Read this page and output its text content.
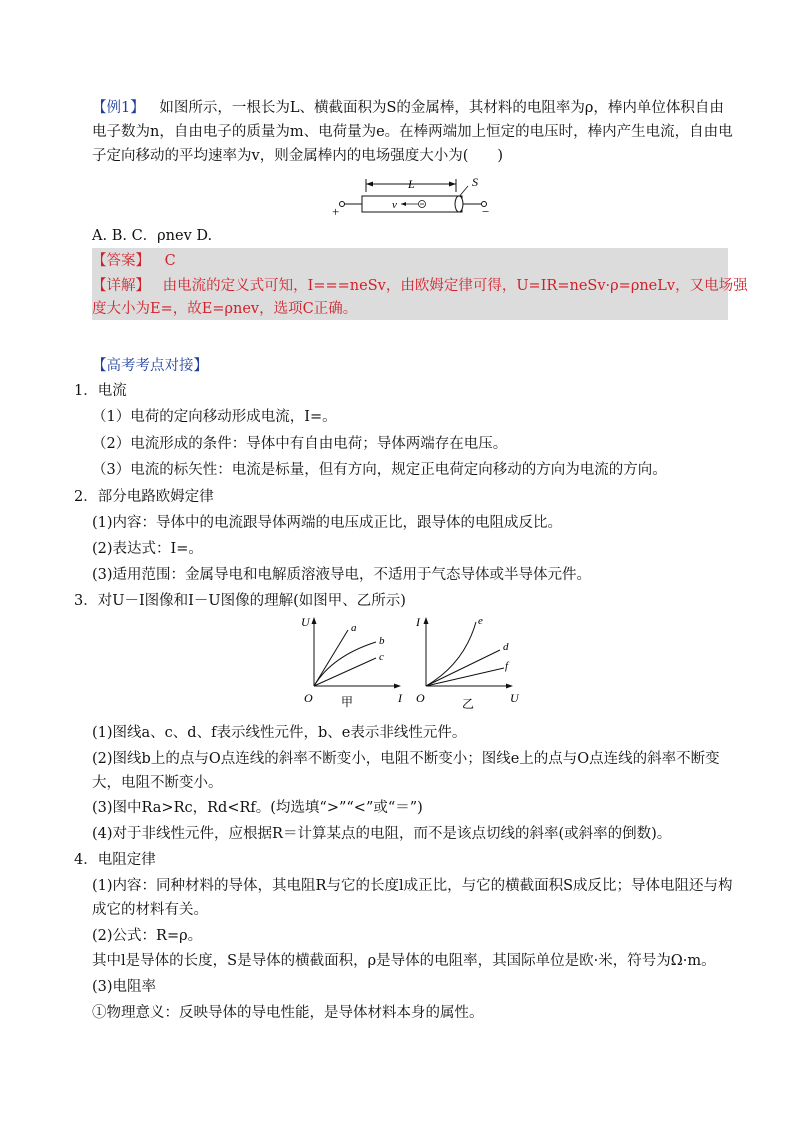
【例1】 如图所示，一根长为L、横截面积为S的金属棒，其材料的电阻率为ρ，棒内单位体积自由
电子数为n，自由电子的质量为m、电荷量为e。在棒两端加上恒定的电压时，棒内产生电流，自由电
子定向移动的平均速率为v，则金属棒内的电场强度大小为(　　)
L	S
v
+	−
A. B. C．ρnev D.
【答案】 C
【详解】 由电流的定义式可知，I===neSv，由欧姆定律可得，U=IR=neSv·ρ=ρneLv，又电场强
度大小为E=，故E=ρnev，选项C正确。
【高考考点对接】
1．电流
（1）电荷的定向移动形成电流，I=。
（2）电流形成的条件：导体中有自由电荷；导体两端存在电压。
（3）电流的标矢性：电流是标量，但有方向，规定正电荷定向移动的方向为电流的方向。
2．部分电路欧姆定律
(1)内容：导体中的电流跟导体两端的电压成正比，跟导体的电阻成反比。
(2)表达式：I=。
(3)适用范围：金属导电和电解质溶液导电，不适用于气态导体或半导体元件。
3．对U－I图像和I－U图像的理解(如图甲、乙所示)
U
I
O
a
b
c
甲
I
U
O
e
d
f
乙
(1)图线a、c、d、f表示线性元件，b、e表示非线性元件。
(2)图线b上的点与O点连线的斜率不断变小，电阻不断变小；图线e上的点与O点连线的斜率不断变
大，电阻不断变小。
(3)图中Ra>Rc，Rd<Rf。(均选填“>”“<”或“＝”)
(4)对于非线性元件，应根据R＝计算某点的电阻，而不是该点切线的斜率(或斜率的倒数)。
4．电阻定律
(1)内容：同种材料的导体，其电阻R与它的长度l成正比，与它的横截面积S成反比；导体电阻还与构
成它的材料有关。
(2)公式：R=ρ。
其中l是导体的长度，S是导体的横截面积，ρ是导体的电阻率，其国际单位是欧·米，符号为Ω·m。
(3)电阻率
①物理意义：反映导体的导电性能，是导体材料本身的属性。
